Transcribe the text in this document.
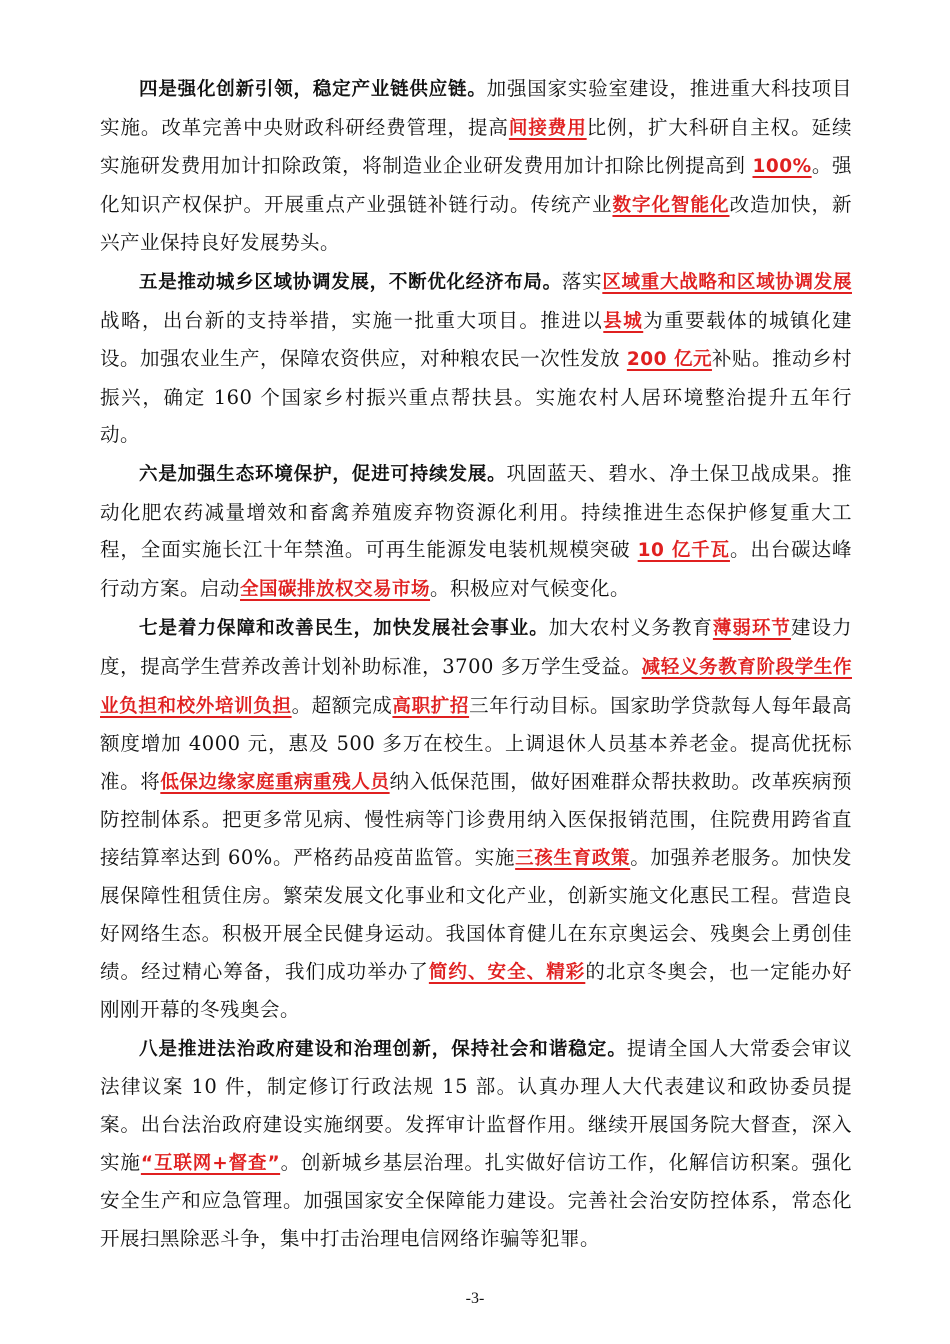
四是强化创新引领，稳定产业链供应链。加强国家实验室建设，推进重大科技项目实施。改革完善中央财政科研经费管理，提高间接费用比例，扩大科研自主权。延续实施研发费用加计扣除政策，将制造业企业研发费用加计扣除比例提高到 100%。强化知识产权保护。开展重点产业强链补链行动。传统产业数字化智能化改造加快，新兴产业保持良好发展势头。

五是推动城乡区域协调发展，不断优化经济布局。落实区域重大战略和区域协调发展战略，出台新的支持举措，实施一批重大项目。推进以县城为重要载体的城镇化建设。加强农业生产，保障农资供应，对种粮农民一次性发放 200 亿元补贴。推动乡村振兴，确定 160 个国家乡村振兴重点帮扶县。实施农村人居环境整治提升五年行动。

六是加强生态环境保护，促进可持续发展。巩固蓝天、碧水、净土保卫战成果。推动化肥农药减量增效和畜禽养殖废弃物资源化利用。持续推进生态保护修复重大工程，全面实施长江十年禁渔。可再生能源发电装机规模突破 10 亿千瓦。出台碳达峰行动方案。启动全国碳排放权交易市场。积极应对气候变化。

七是着力保障和改善民生，加快发展社会事业。加大农村义务教育薄弱环节建设力度，提高学生营养改善计划补助标准，3700 多万学生受益。减轻义务教育阶段学生作业负担和校外培训负担。超额完成高职扩招三年行动目标。国家助学贷款每人每年最高额度增加 4000 元，惠及 500 多万在校生。上调退休人员基本养老金。提高优抚标准。将低保边缘家庭重病重残人员纳入低保范围，做好困难群众帮扶救助。改革疾病预防控制体系。把更多常见病、慢性病等门诊费用纳入医保报销范围，住院费用跨省直接结算率达到 60%。严格药品疫苗监管。实施三孩生育政策。加强养老服务。加快发展保障性租赁住房。繁荣发展文化事业和文化产业，创新实施文化惠民工程。营造良好网络生态。积极开展全民健身运动。我国体育健儿在东京奥运会、残奥会上勇创佳绩。经过精心筹备，我们成功举办了简约、安全、精彩的北京冬奥会，也一定能办好刚刚开幕的冬残奥会。

八是推进法治政府建设和治理创新，保持社会和谐稳定。提请全国人大常委会审议法律议案 10 件，制定修订行政法规 15 部。认真办理人大代表建议和政协委员提案。出台法治政府建设实施纲要。发挥审计监督作用。继续开展国务院大督查，深入实施“互联网+督查”。创新城乡基层治理。扎实做好信访工作，化解信访积案。强化安全生产和应急管理。加强国家安全保障能力建设。完善社会治安防控体系，常态化开展扫黑除恶斗争，集中打击治理电信网络诈骗等犯罪。

-3-
